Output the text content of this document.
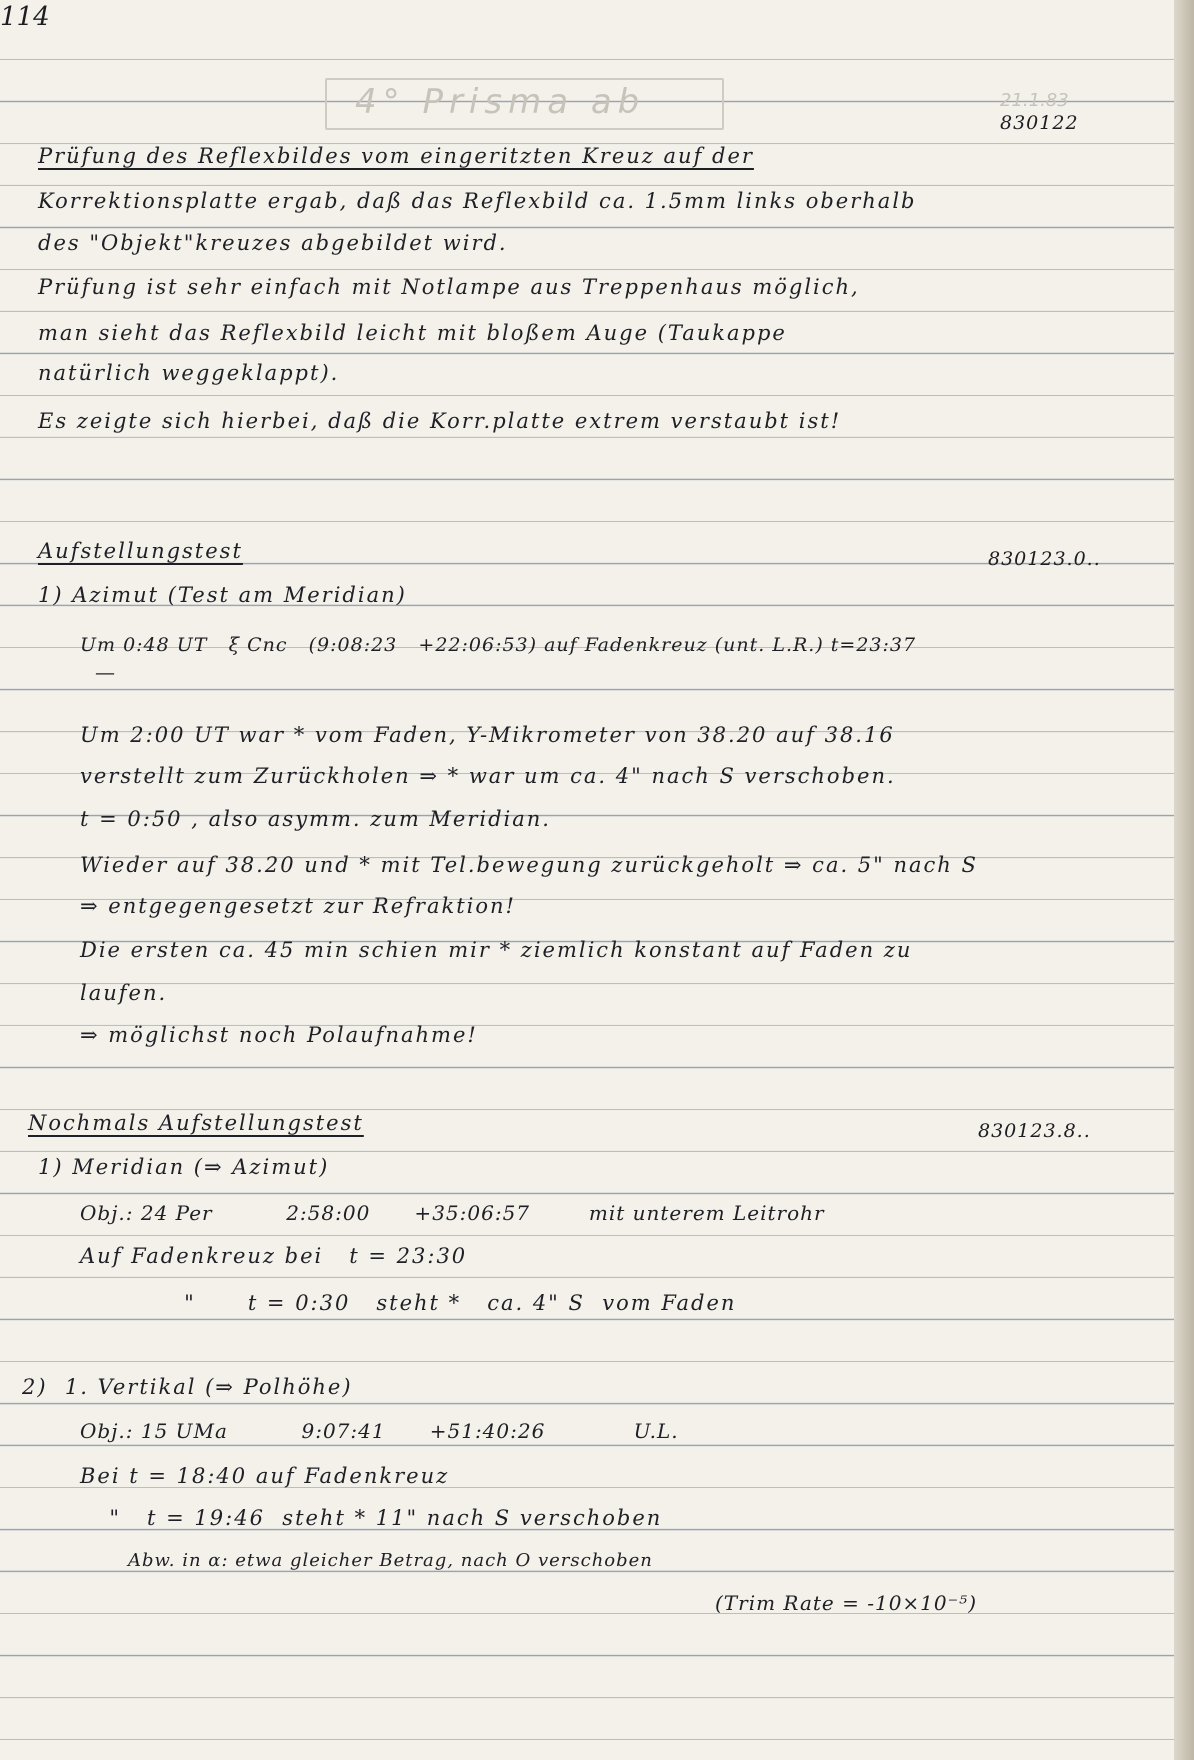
114
4° Prisma ab	21.1.83
830122
Prüfung des Reflexbildes vom eingeritzten Kreuz auf der
Korrektionsplatte ergab, daß das Reflexbild ca. 1.5mm links oberhalb
des "Objekt"kreuzes abgebildet wird.
Prüfung ist sehr einfach mit Notlampe aus Treppenhaus möglich,
man sieht das Reflexbild leicht mit bloßem Auge (Taukappe
natürlich weggeklappt).
Es zeigte sich hierbei, daß die Korr.platte extrem verstaubt ist!
Aufstellungstest	830123.0..
1) Azimut (Test am Meridian)
Um 0:48 UT   ξ Cnc   (9:08:23   +22:06:53) auf Fadenkreuz (unt. L.R.) t=23:37
—
Um 2:00 UT war * vom Faden, Y-Mikrometer von 38.20 auf 38.16
verstellt zum Zurückholen ⇒ * war um ca. 4" nach S verschoben.
t = 0:50 , also asymm. zum Meridian.
Wieder auf 38.20 und * mit Tel.bewegung zurückgeholt ⇒ ca. 5" nach S
⇒ entgegengesetzt zur Refraktion!
Die ersten ca. 45 min schien mir * ziemlich konstant auf Faden zu
laufen.
⇒ möglichst noch Polaufnahme!
Nochmals Aufstellungstest	830123.8..
1) Meridian (⇒ Azimut)
Obj.: 24 Per          2:58:00      +35:06:57        mit unterem Leitrohr
Auf Fadenkreuz bei   t = 23:30
"      t = 0:30   steht *   ca. 4" S  vom Faden
2)  1. Vertikal (⇒ Polhöhe)
Obj.: 15 UMa          9:07:41      +51:40:26            U.L.
Bei t = 18:40 auf Fadenkreuz
"   t = 19:46  steht * 11" nach S verschoben
Abw. in α: etwa gleicher Betrag, nach O verschoben
(Trim Rate = -10×10⁻⁵)
